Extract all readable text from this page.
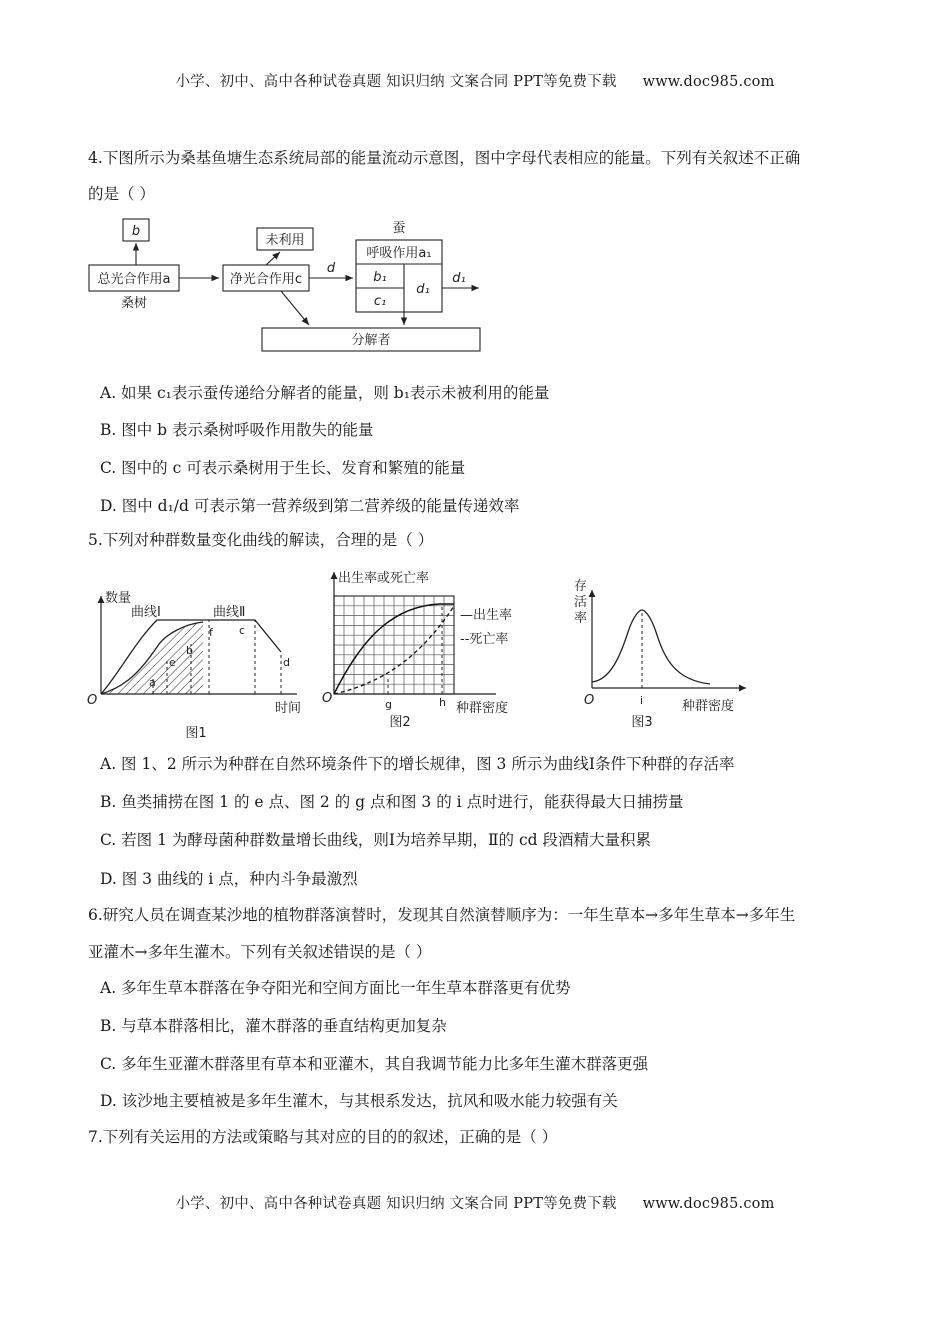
小学、初中、高中各种试卷真题 知识归纳 文案合同 PPT等免费下载 www.doc985.com
4.下图所示为桑基鱼塘生态系统局部的能量流动示意图，图中字母代表相应的能量。下列有关叙述不正确
的是（ ）
b
总光合作用a
桑树
净光合作用c
未利用
d
蚕
呼吸作用a₁
b₁
c₁
d₁
d₁
分解者
A. 如果 c₁表示蚕传递给分解者的能量，则 b₁表示未被利用的能量
B. 图中 b 表示桑树呼吸作用散失的能量
C. 图中的 c 可表示桑树用于生长、发育和繁殖的能量
D. 图中 d₁/d 可表示第一营养级到第二营养级的能量传递效率
5.下列对种群数量变化曲线的解读，合理的是（ ）
数量
曲线Ⅰ	曲线Ⅱ
O
时间
图1
a
e
b
f c
d
出生率或死亡率
—出生率
--死亡率
O	g	h 种群密度
图2
存活率
O	i	种群密度
图3
A. 图 1、2 所示为种群在自然环境条件下的增长规律，图 3 所示为曲线Ⅰ条件下种群的存活率
B. 鱼类捕捞在图 1 的 e 点、图 2 的 g 点和图 3 的 i 点时进行，能获得最大日捕捞量
C. 若图 1 为酵母菌种群数量增长曲线，则Ⅰ为培养早期，Ⅱ的 cd 段酒精大量积累
D. 图 3 曲线的 i 点，种内斗争最激烈
6.研究人员在调查某沙地的植物群落演替时，发现其自然演替顺序为：一年生草本→多年生草本→多年生
亚灌木→多年生灌木。下列有关叙述错误的是（ ）
A. 多年生草本群落在争夺阳光和空间方面比一年生草本群落更有优势
B. 与草本群落相比，灌木群落的垂直结构更加复杂
C. 多年生亚灌木群落里有草本和亚灌木，其自我调节能力比多年生灌木群落更强
D. 该沙地主要植被是多年生灌木，与其根系发达，抗风和吸水能力较强有关
7.下列有关运用的方法或策略与其对应的目的的叙述，正确的是（ ）
小学、初中、高中各种试卷真题 知识归纳 文案合同 PPT等免费下载 www.doc985.com
